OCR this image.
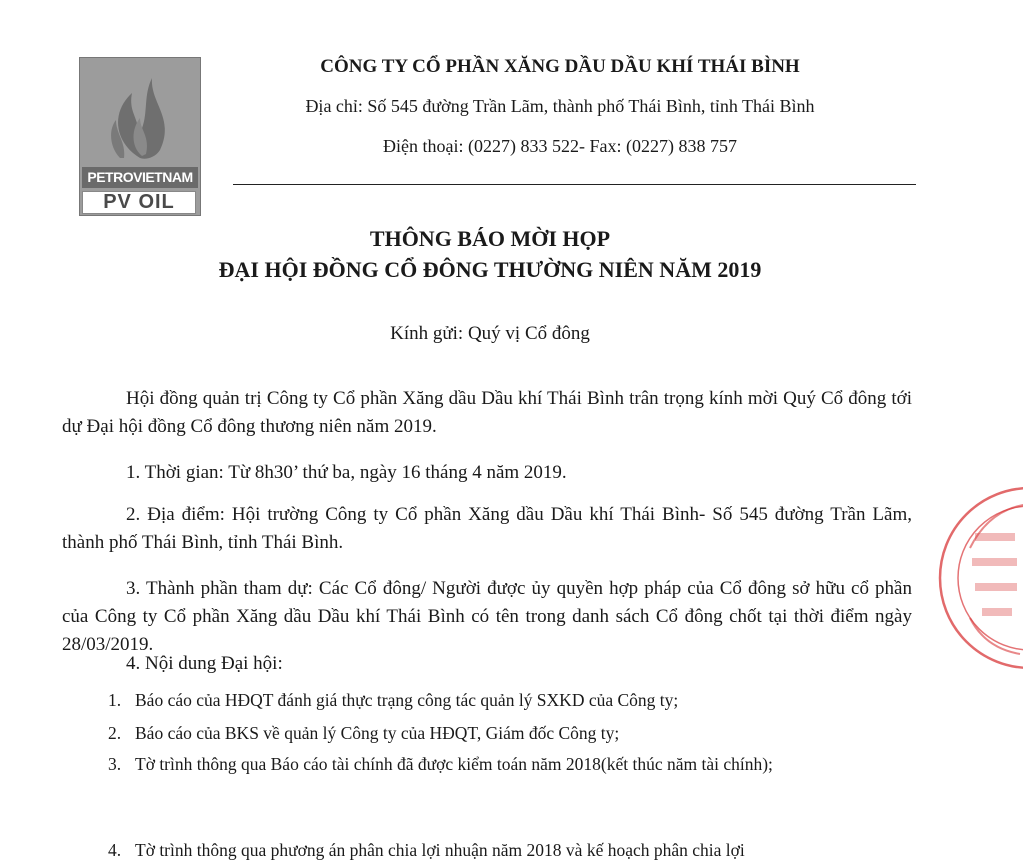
PETROVIETNAM
PV OIL
CÔNG TY CỔ PHẦN XĂNG DẦU DẦU KHÍ THÁI BÌNH
Địa chỉ: Số 545 đường Trần Lãm, thành phố Thái Bình, tỉnh Thái Bình
Điện thoại: (0227) 833 522- Fax: (0227) 838 757
THÔNG BÁO MỜI HỌP
ĐẠI HỘI ĐỒNG CỔ ĐÔNG THƯỜNG NIÊN NĂM 2019
Kính gửi: Quý vị Cổ đông
Hội đồng quản trị Công ty Cổ phần Xăng dầu Dầu khí Thái Bình trân trọng kính mời Quý Cổ đông tới dự Đại hội đồng Cổ đông thương niên năm 2019.
1. Thời gian: Từ 8h30’ thứ ba, ngày 16 tháng 4 năm 2019.
2. Địa điểm: Hội trường Công ty Cổ phần Xăng dầu Dầu khí Thái Bình- Số 545 đường Trần Lãm, thành phố Thái Bình, tỉnh Thái Bình.
3. Thành phần tham dự: Các Cổ đông/ Người được ủy quyền hợp pháp của Cổ đông sở hữu cổ phần của Công ty Cổ phần Xăng dầu Dầu khí Thái Bình có tên trong danh sách Cổ đông chốt tại thời điểm ngày 28/03/2019.
4. Nội dung Đại hội:
1. Báo cáo của HĐQT đánh giá thực trạng công tác quản lý SXKD của Công ty;
2. Báo cáo của BKS về quản lý Công ty của HĐQT, Giám đốc Công ty;
3. Tờ trình thông qua Báo cáo tài chính đã được kiểm toán năm 2018(kết thúc năm tài chính);
4. Tờ trình thông qua phương án phân chia lợi nhuận năm 2018 và kế hoạch phân chia lợi
